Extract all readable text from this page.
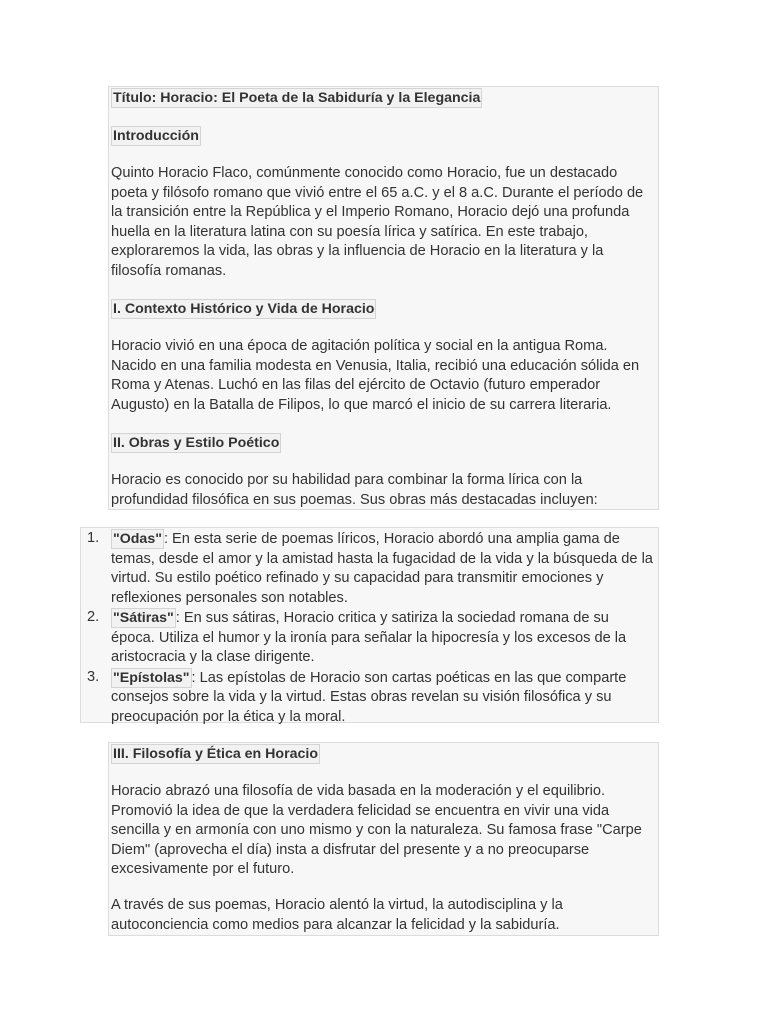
Título: Horacio: El Poeta de la Sabiduría y la Elegancia
Introducción

Quinto Horacio Flaco, comúnmente conocido como Horacio, fue un destacado poeta y filósofo romano que vivió entre el 65 a.C. y el 8 a.C. Durante el período de la transición entre la República y el Imperio Romano, Horacio dejó una profunda huella en la literatura latina con su poesía lírica y satírica. En este trabajo, exploraremos la vida, las obras y la influencia de Horacio en la literatura y la filosofía romanas.

I. Contexto Histórico y Vida de Horacio

Horacio vivió en una época de agitación política y social en la antigua Roma. Nacido en una familia modesta en Venusia, Italia, recibió una educación sólida en Roma y Atenas. Luchó en las filas del ejército de Octavio (futuro emperador Augusto) en la Batalla de Filipos, lo que marcó el inicio de su carrera literaria.

II. Obras y Estilo Poético

Horacio es conocido por su habilidad para combinar la forma lírica con la profundidad filosófica en sus poemas. Sus obras más destacadas incluyen:

1. "Odas" : En esta serie de poemas líricos, Horacio abordó una amplia gama de temas, desde el amor y la amistad hasta la fugacidad de la vida y la búsqueda de la virtud. Su estilo poético refinado y su capacidad para transmitir emociones y reflexiones personales son notables.
2. "Sátiras" : En sus sátiras, Horacio critica y satiriza la sociedad romana de su época. Utiliza el humor y la ironía para señalar la hipocresía y los excesos de la aristocracia y la clase dirigente.
3. "Epístolas" : Las epístolas de Horacio son cartas poéticas en las que comparte consejos sobre la vida y la virtud. Estas obras revelan su visión filosófica y su preocupación por la ética y la moral.
III. Filosofía y Ética en Horacio

Horacio abrazó una filosofía de vida basada en la moderación y el equilibrio. Promovió la idea de que la verdadera felicidad se encuentra en vivir una vida sencilla y en armonía con uno mismo y con la naturaleza. Su famosa frase "Carpe Diem" (aprovecha el día) insta a disfrutar del presente y a no preocuparse excesivamente por el futuro.

A través de sus poemas, Horacio alentó la virtud, la autodisciplina y la autoconciencia como medios para alcanzar la felicidad y la sabiduría.
